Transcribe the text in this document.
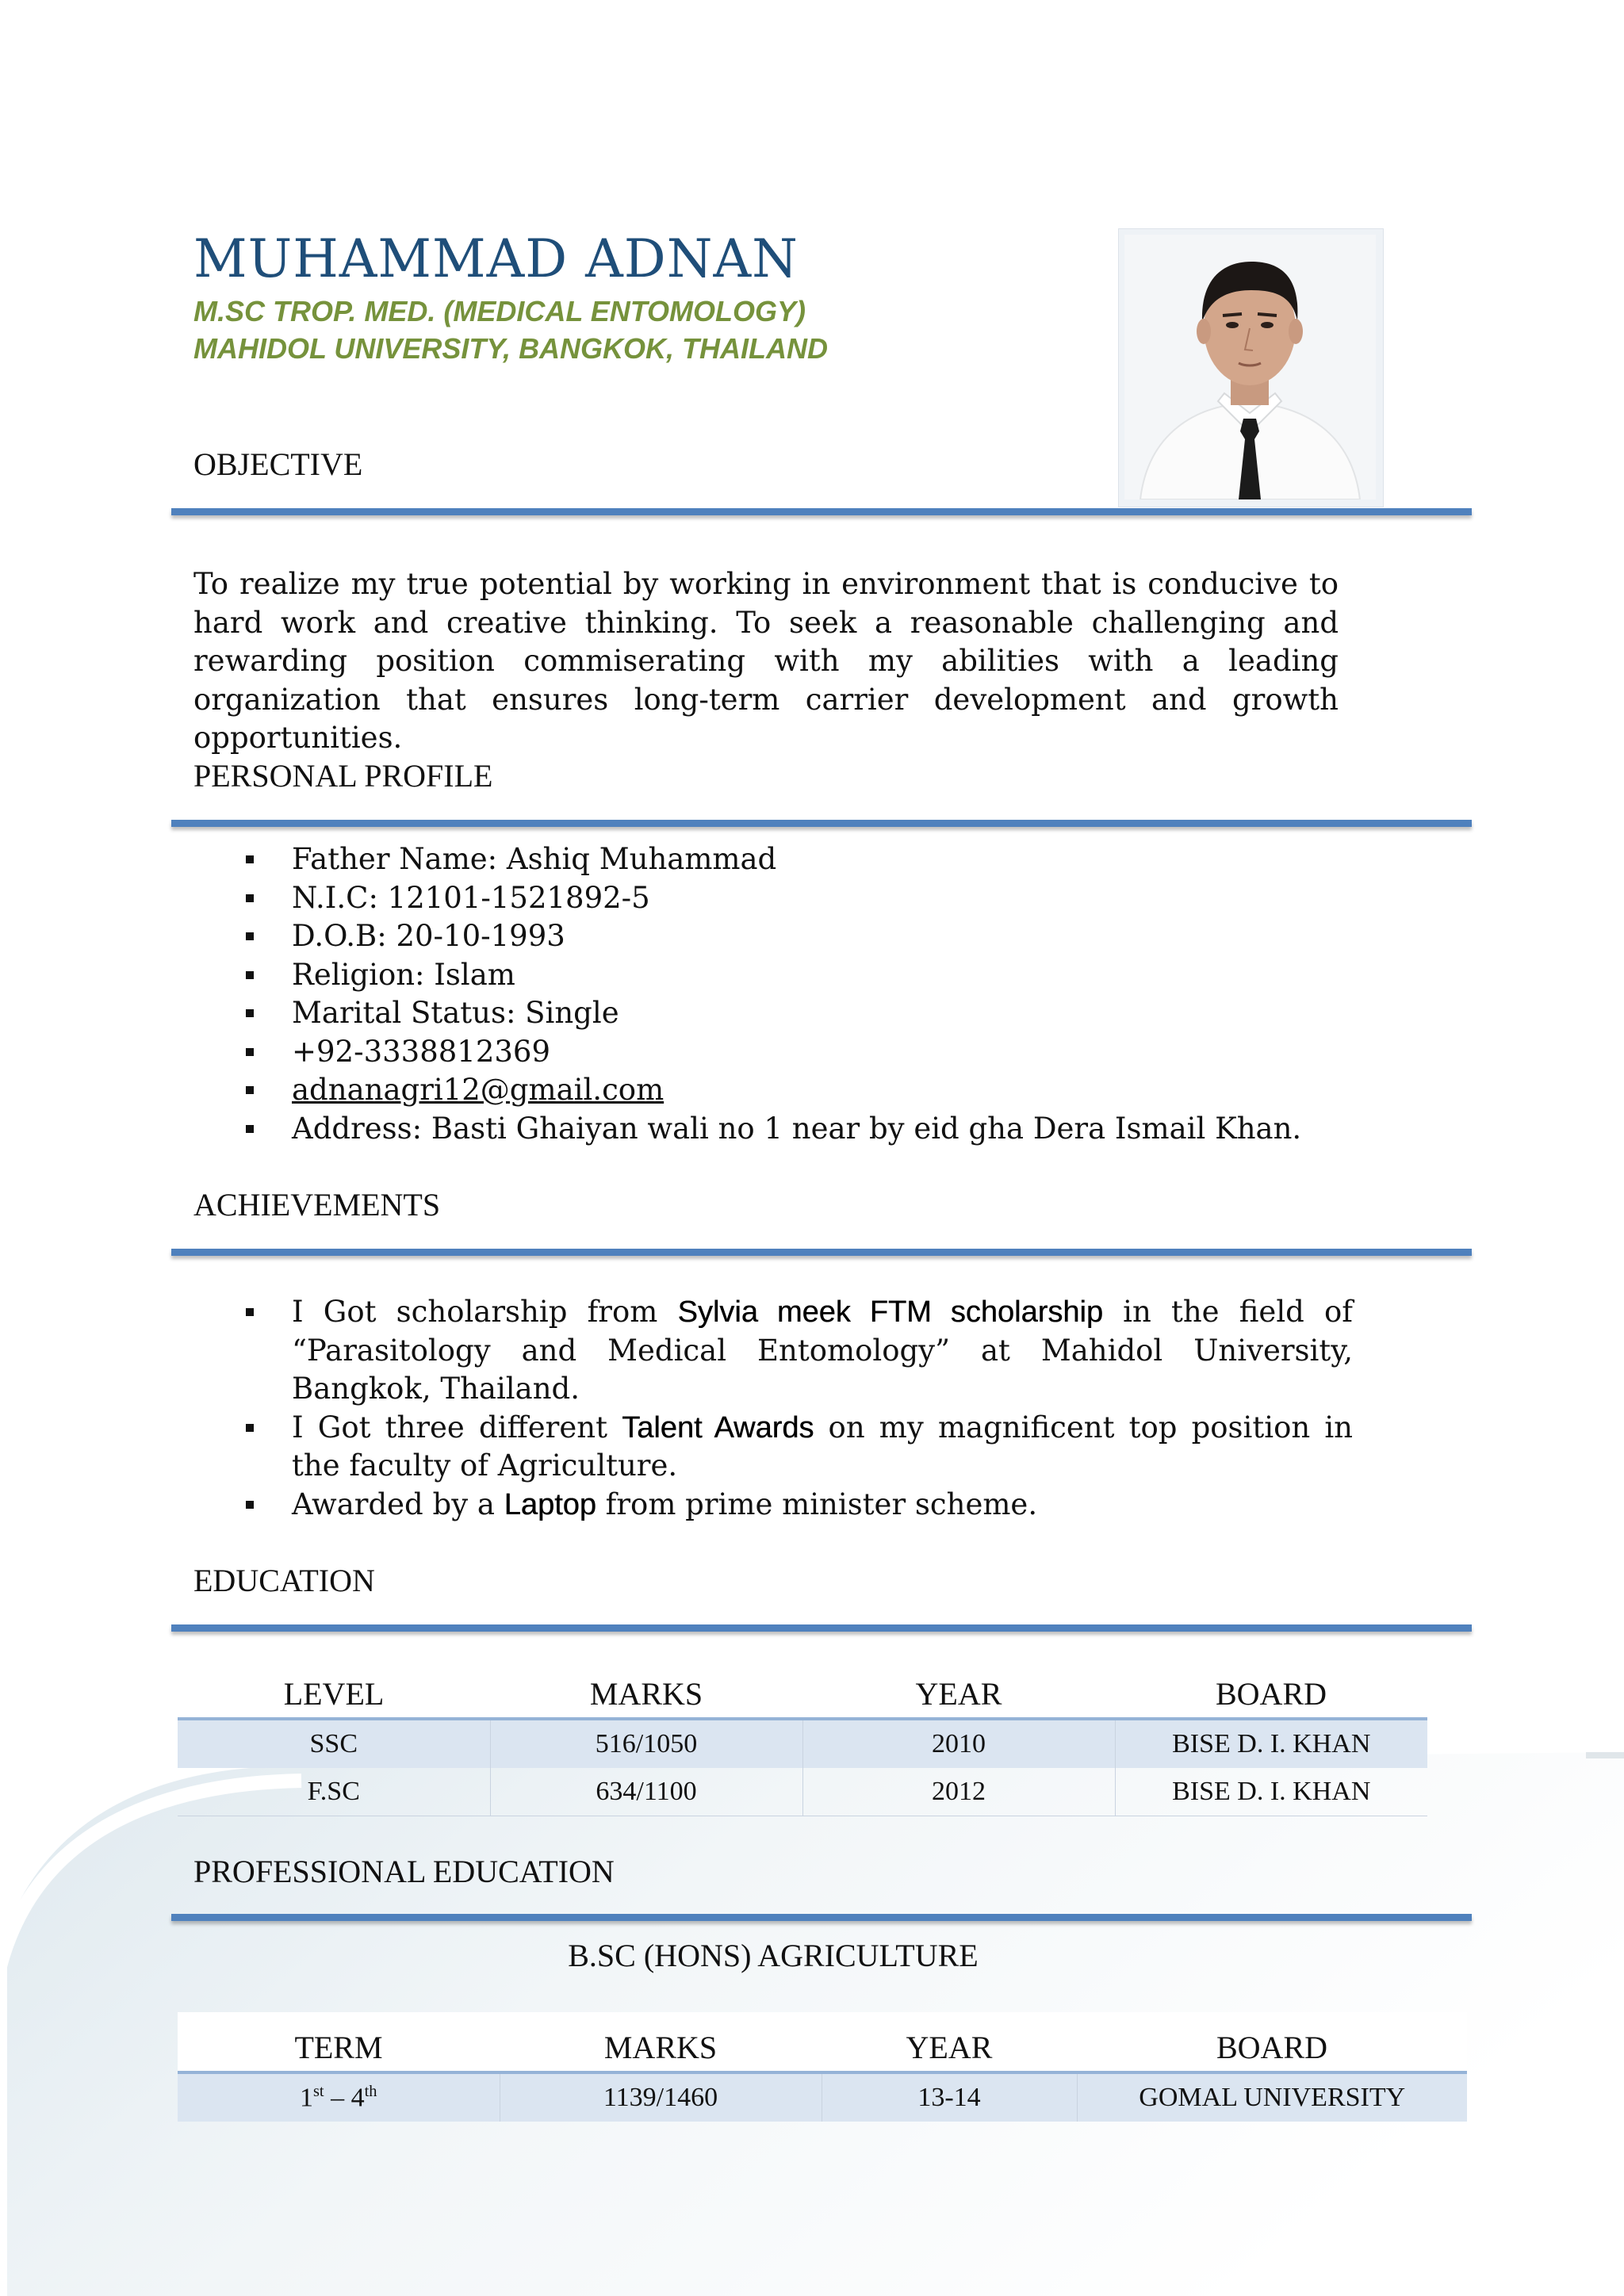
MUHAMMAD ADNAN

M.SC TROP. MED. (MEDICAL ENTOMOLOGY)

MAHIDOL UNIVERSITY, BANGKOK, THAILAND

OBJECTIVE

To realize my true potential by working in environment that is conducive to hard work and creative thinking. To seek a reasonable challenging and rewarding position commiserating with my abilities with a leading organization that ensures long-term carrier development and growth opportunities.

PERSONAL PROFILE
Father Name: Ashiq Muhammad
N.I.C: 12101-1521892-5
D.O.B: 20-10-1993
Religion: Islam
Marital Status: Single
+92-3338812369
adnanagri12@gmail.com
Address: Basti Ghaiyan wali no 1 near by eid gha Dera Ismail Khan.
ACHIEVEMENTS
I Got scholarship from Sylvia meek FTM scholarship in the field of “Parasitology and Medical Entomology” at Mahidol University, Bangkok, Thailand.
I Got three different Talent Awards on my magnificent top position in the faculty of Agriculture.
Awarded by a Laptop from prime minister scheme.
EDUCATION
LEVEL	MARKS	YEAR	BOARD
SSC	516/1050	2010	BISE D. I. KHAN
F.SC	634/1100	2012	BISE D. I. KHAN
PROFESSIONAL EDUCATION

B.SC (HONS) AGRICULTURE

TERM	MARKS	YEAR	BOARD
1st – 4th	1139/1460	13-14	GOMAL UNIVERSITY
